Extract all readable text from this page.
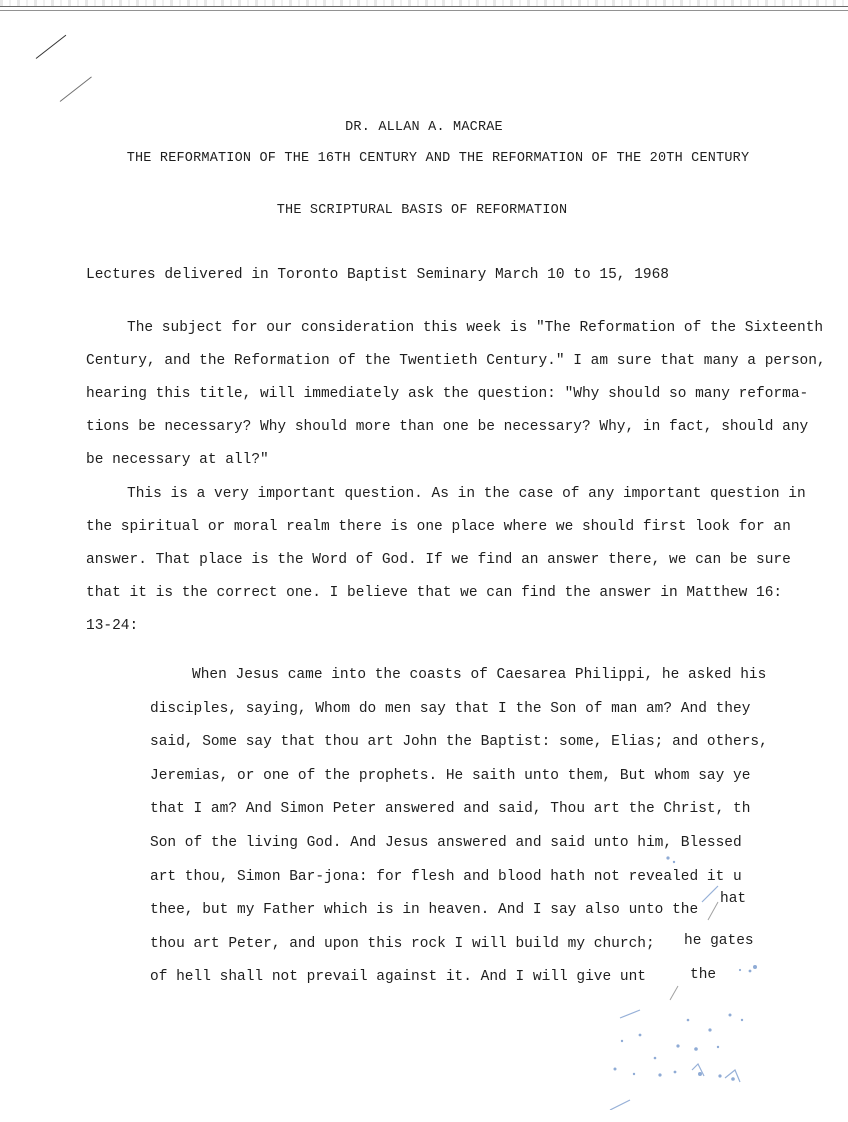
DR. ALLAN A. MACRAE
THE REFORMATION OF THE 16TH CENTURY AND THE REFORMATION OF THE 20TH CENTURY
THE SCRIPTURAL BASIS OF REFORMATION
Lectures delivered in Toronto Baptist Seminary March 10 to 15, 1968
The subject for our consideration this week is "The Reformation of the Sixteenth
Century, and the Reformation of the Twentieth Century." I am sure that many a person,
hearing this title, will immediately ask the question: "Why should so many reforma-
tions be necessary? Why should more than one be necessary? Why, in fact, should any
be necessary at all?"
This is a very important question. As in the case of any important question in
the spiritual or moral realm there is one place where we should first look for an
answer. That place is the Word of God. If we find an answer there, we can be sure
that it is the correct one. I believe that we can find the answer in Matthew 16:
13-24:
When Jesus came into the coasts of Caesarea Philippi, he asked his
disciples, saying, Whom do men say that I the Son of man am? And they
said, Some say that thou art John the Baptist: some, Elias; and others,
Jeremias, or one of the prophets. He saith unto them, But whom say ye
that I am? And Simon Peter answered and said, Thou art the Christ, th
Son of the living God. And Jesus answered and said unto him, Blessed
art thou, Simon Bar-jona: for flesh and blood hath not revealed it u
thee, but my Father which is in heaven. And I say also unto the
thou art Peter, and upon this rock I will build my church;
of hell shall not prevail against it. And I will give unt
hat
he gates
the
